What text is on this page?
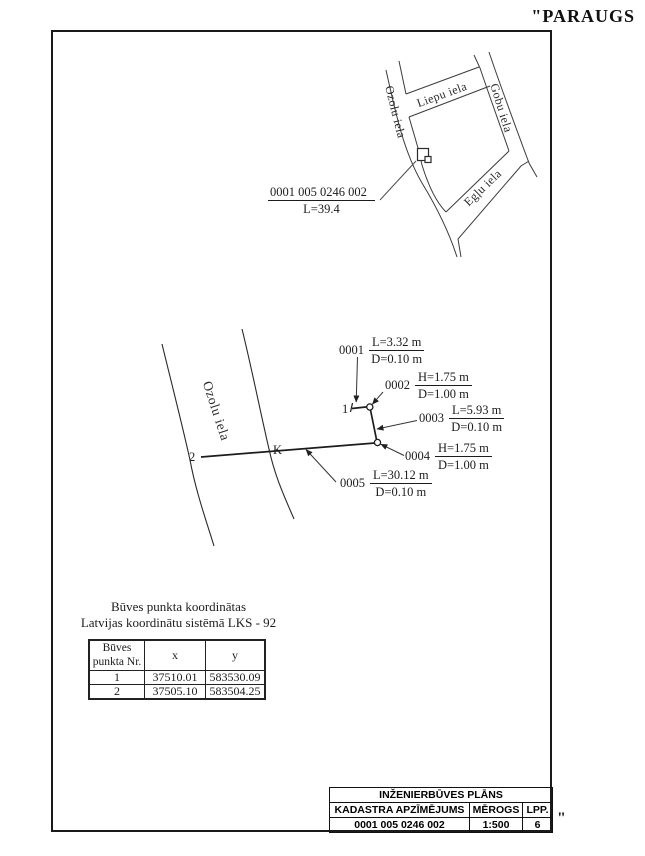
"PARAUGS
Ozolu iela Liepu iela Gobu iela
Egļu iela
0001 005 0246 002
L=39.4
Ozolu iela
2	K
1
$0001 \frac{L=3.32 m}{D=0.10 m}$
$0002 \frac{H=1.75 m}{D=1.00 m}$
$0003 \frac{L=5.93 m}{D=0.10 m}$
$0004 \frac{H=1.75 m}{D=1.00 m}$
$0005 \frac{L=30.12 m}{D=0.10 m}$
Būves punkta koordinātas
Latvijas koordinātu sistēmā LKS - 92
Būves punkta Nr.	x	y
1	37510.01	583530.09
2	37505.10	583504.25
INŽENIERBŪVES PLĀNS		
KADASTRA APZĪMĒJUMS	MĒROGS	LPP.
0001 005 0246 002	1:500	6 "
